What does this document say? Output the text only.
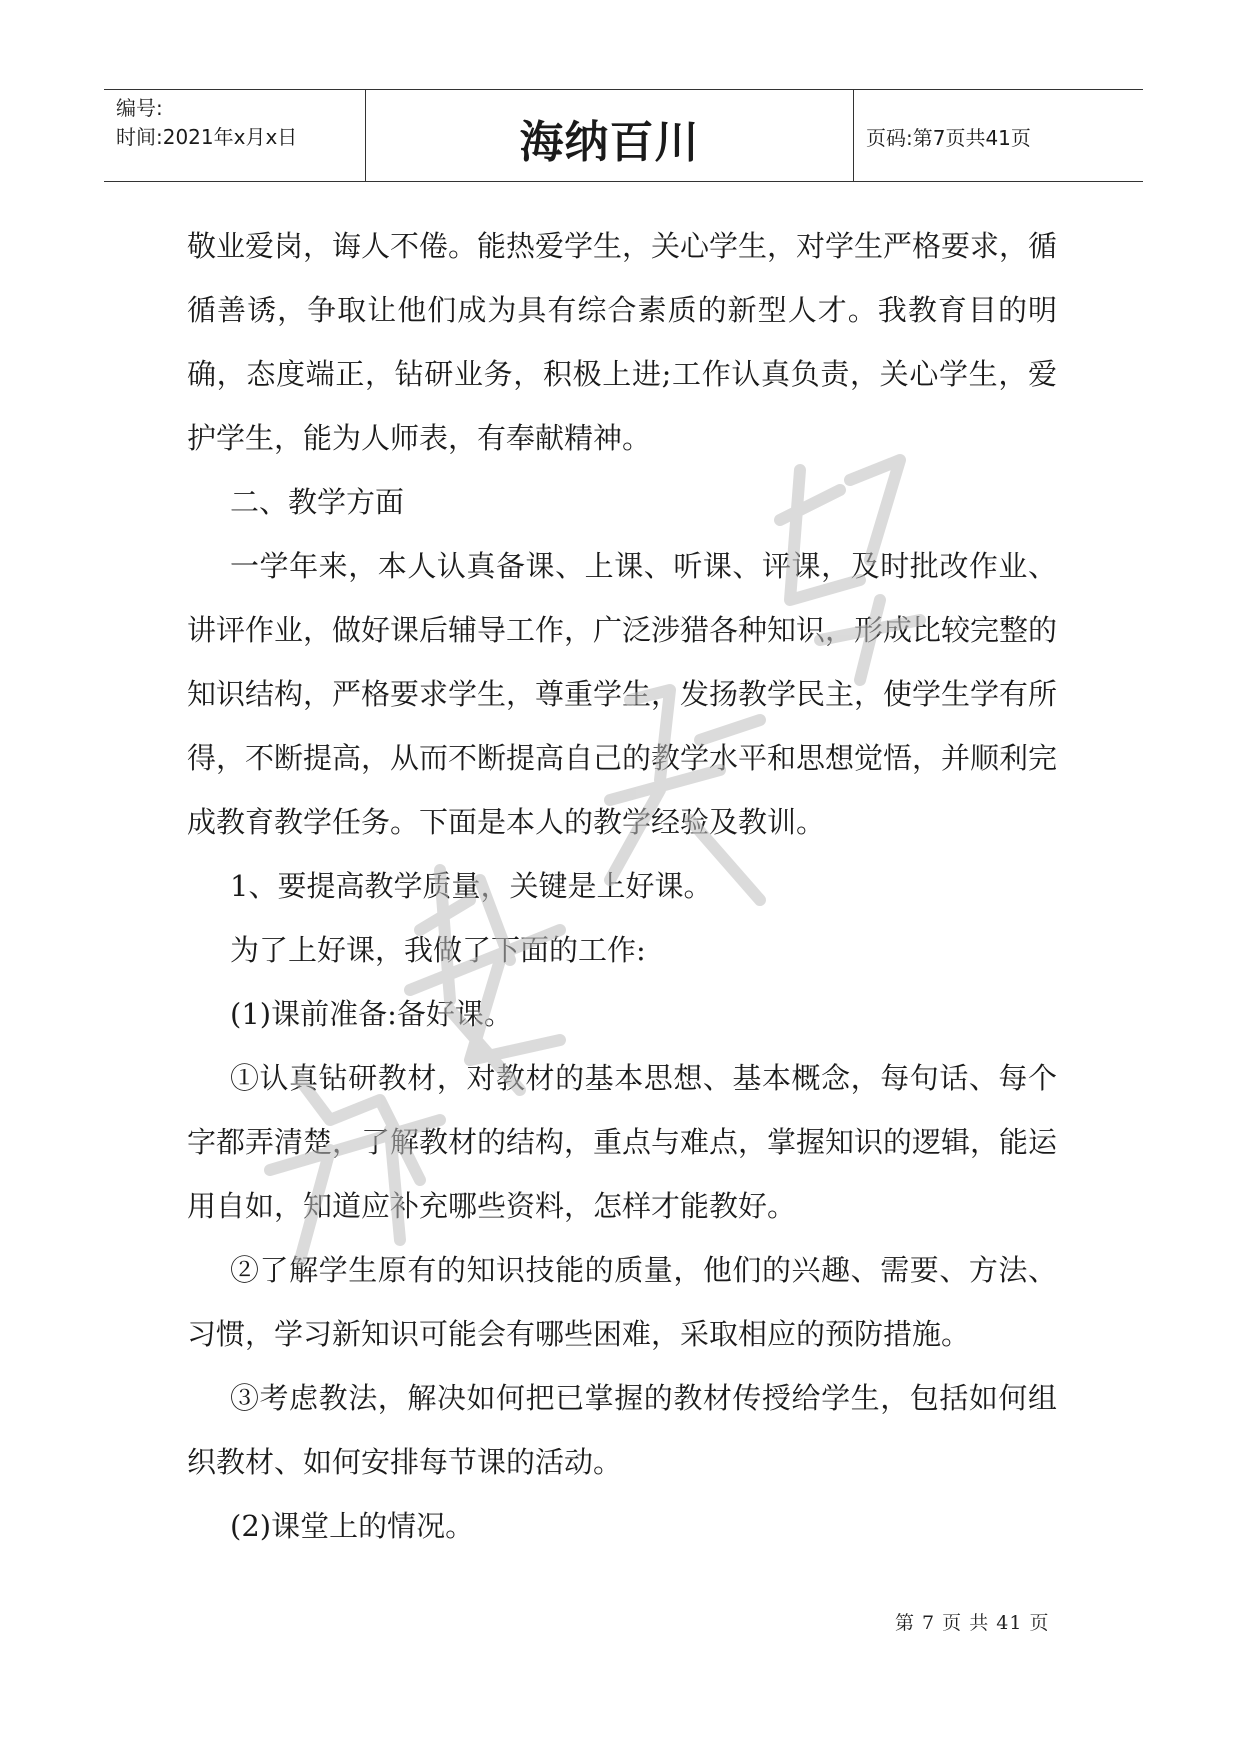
编号:
时间:2021年x月x日	海纳百川	页码:第7页共41页

敬业爱岗，诲人不倦。能热爱学生，关心学生，对学生严格要求，循循善诱，争取让他们成为具有综合素质的新型人才。我教育目的明确，态度端正，钻研业务，积极上进;工作认真负责，关心学生，爱护学生，能为人师表，有奉献精神。

二、教学方面

一学年来，本人认真备课、上课、听课、评课，及时批改作业、讲评作业，做好课后辅导工作，广泛涉猎各种知识，形成比较完整的知识结构，严格要求学生，尊重学生，发扬教学民主，使学生学有所得，不断提高，从而不断提高自己的教学水平和思想觉悟，并顺利完成教育教学任务。下面是本人的教学经验及教训。

1、要提高教学质量，关键是上好课。

为了上好课，我做了下面的工作:

(1)课前准备:备好课。

①认真钻研教材，对教材的基本思想、基本概念，每句话、每个字都弄清楚，了解教材的结构，重点与难点，掌握知识的逻辑，能运用自如，知道应补充哪些资料，怎样才能教好。

②了解学生原有的知识技能的质量，他们的兴趣、需要、方法、习惯，学习新知识可能会有哪些困难，采取相应的预防措施。

③考虑教法，解决如何把已掌握的教材传授给学生，包括如何组织教材、如何安排每节课的活动。

(2)课堂上的情况。

第 7 页 共 41 页
